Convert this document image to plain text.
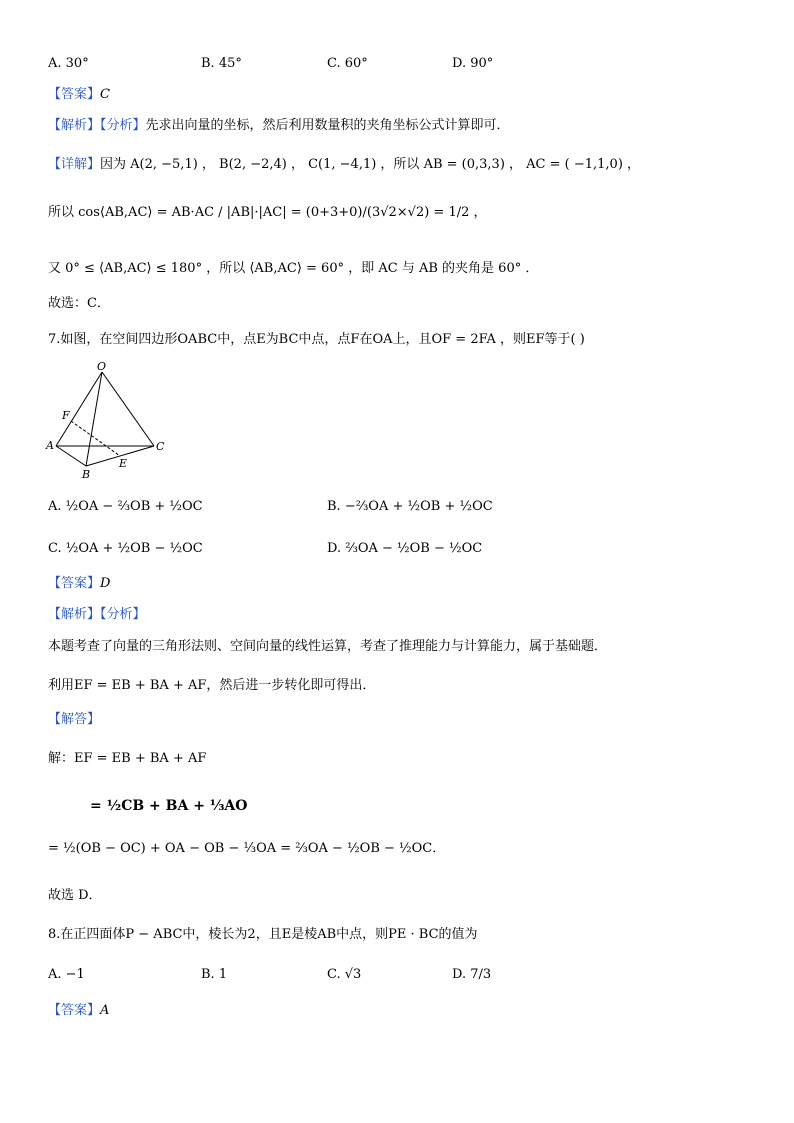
A. 30°	B. 45°	C. 60°	D. 90°
【答案】C
【解析】【分析】先求出向量的坐标，然后利用数量积的夹角坐标公式计算即可．
【详解】因为 A(2, −5,1) ， B(2, −2,4) ， C(1, −4,1) ，所以 AB = (0,3,3) ， AC = ( −1,1,0) ，
所以 cos⟨AB,AC⟩ = AB·AC / |AB|·|AC| = (0+3+0)/(3√2×√2) = 1/2 ，
又 0° ≤ ⟨AB,AC⟩ ≤ 180° ，所以 ⟨AB,AC⟩ = 60° ，即 AC 与 AB 的夹角是 60° ．
故选：C．
7.如图，在空间四边形OABC中，点E为BC中点，点F在OA上，且OF = 2FA ，则EF等于( )
O
F
A
B
C
E
A. ½OA − ⅔OB + ½OC	B. −⅔OA + ½OB + ½OC
C. ½OA + ½OB − ½OC	D. ⅔OA − ½OB − ½OC
【答案】D
【解析】【分析】
本题考查了向量的三角形法则、空间向量的线性运算，考查了推理能力与计算能力，属于基础题．
利用EF = EB + BA + AF，然后进一步转化即可得出．
【解答】
解：EF = EB + BA + AF
= ½CB + BA + ⅓AO
= ½(OB − OC) + OA − OB − ⅓OA = ⅔OA − ½OB − ½OC．
故选 D．
8.在正四面体P − ABC中，棱长为2，且E是棱AB中点，则PE · BC的值为
A. −1	B. 1	C. √3	D. 7/3
【答案】A
